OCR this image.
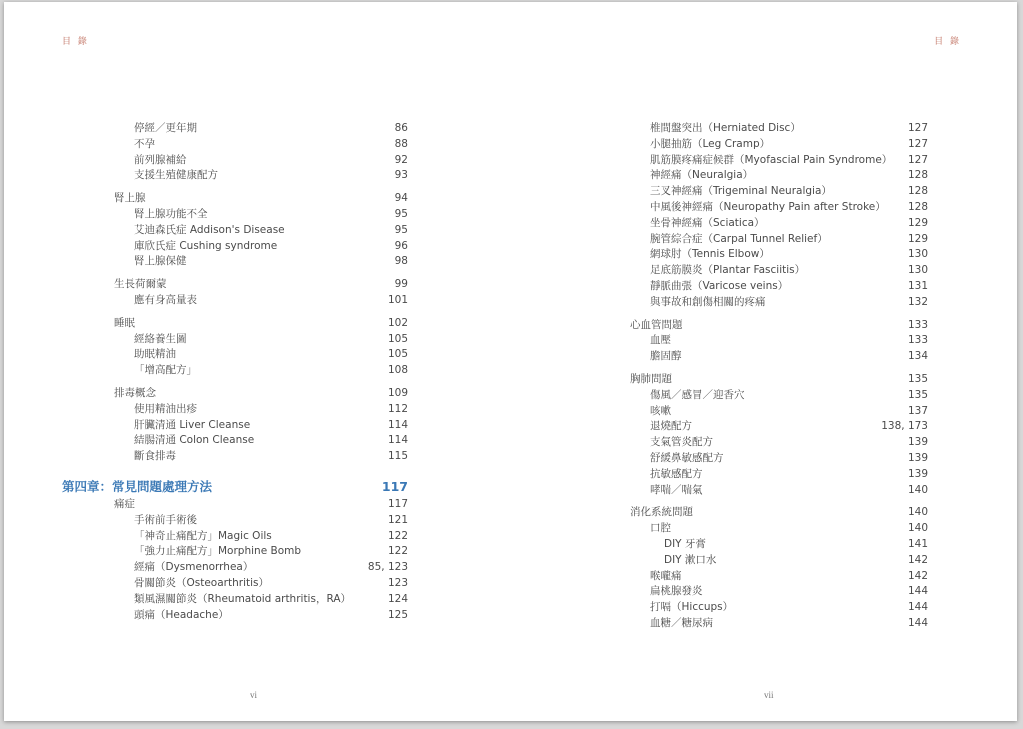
目 錄
停經／更年期	86
不孕	88
前列腺補給	92
支援生殖健康配方	93
腎上腺	94
腎上腺功能不全	95
艾迪森氏症 Addison's Disease	95
庫欣氏症 Cushing syndrome	96
腎上腺保健	98
生長荷爾蒙	99
應有身高量表	101
睡眠	102
經絡養生圖	105
助眠精油	105
「增高配方」	108
排毒概念	109
使用精油出疹	112
肝臟清通 Liver Cleanse	114
結腸清通 Colon Cleanse	114
斷食排毒	115
第四章：常見問題處理方法	117
痛症	117
手術前手術後	121
「神奇止痛配方」Magic Oils	122
「強力止痛配方」Morphine Bomb	122
經痛（Dysmenorrhea）	85, 123
骨關節炎（Osteoarthritis）	123
類風濕關節炎（Rheumatoid arthritis，RA）	124
頭痛（Headache）	125
vi
目 錄
椎間盤突出（Herniated Disc）	127
小腿抽筋（Leg Cramp）	127
肌筋膜疼痛症候群（Myofascial Pain Syndrome） 127
神經痛（Neuralgia）	128
三叉神經痛（Trigeminal Neuralgia）	128
中風後神經痛（Neuropathy Pain after Stroke） 128
坐骨神經痛（Sciatica）	129
腕管綜合症（Carpal Tunnel Relief）	129
網球肘（Tennis Elbow）	130
足底筋膜炎（Plantar Fasciitis）	130
靜脈曲張（Varicose veins）	131
與事故和創傷相關的疼痛	132
心血管問題	133
血壓	133
膽固醇	134
胸肺問題	135
傷風／感冒／迎香穴	135
咳嗽	137
退燒配方	138, 173
支氣管炎配方	139
舒緩鼻敏感配方	139
抗敏感配方	139
哮喘／喘氣	140
消化系統問題	140
口腔	140
DIY 牙膏	141
DIY 漱口水	142
喉嚨痛	142
扁桃腺發炎	144
打嗝（Hiccups）	144
血糖／糖尿病	144
vii
